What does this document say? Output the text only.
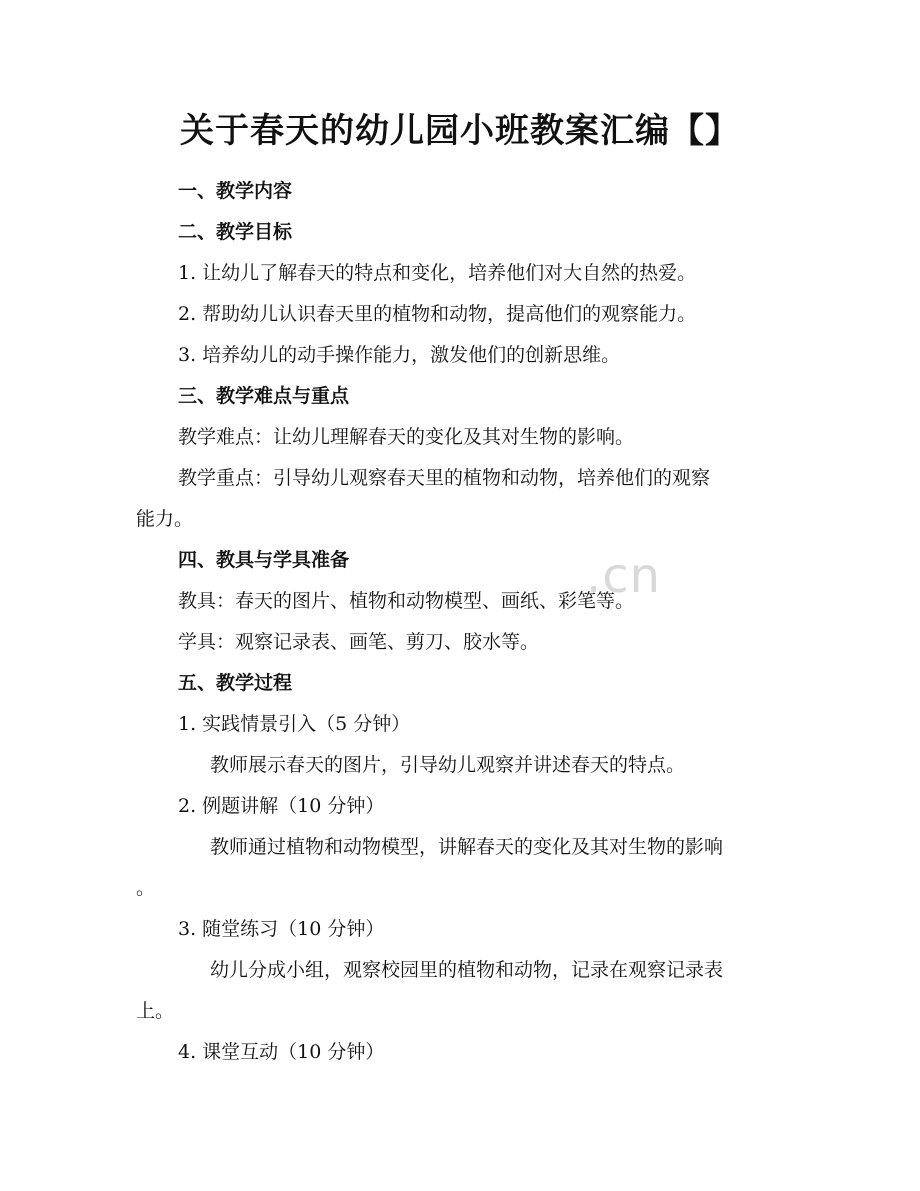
关于春天的幼儿园小班教案汇编【】
.cn
一、教学内容
二、教学目标
1. 让幼儿了解春天的特点和变化，培养他们对大自然的热爱。
2. 帮助幼儿认识春天里的植物和动物，提高他们的观察能力。
3. 培养幼儿的动手操作能力，激发他们的创新思维。
三、教学难点与重点
教学难点：让幼儿理解春天的变化及其对生物的影响。
教学重点：引导幼儿观察春天里的植物和动物，培养他们的观察
能力。
四、教具与学具准备
教具：春天的图片、植物和动物模型、画纸、彩笔等。
学具：观察记录表、画笔、剪刀、胶水等。
五、教学过程
1. 实践情景引入（5 分钟）
教师展示春天的图片，引导幼儿观察并讲述春天的特点。
2. 例题讲解（10 分钟）
教师通过植物和动物模型，讲解春天的变化及其对生物的影响
。
3. 随堂练习（10 分钟）
幼儿分成小组，观察校园里的植物和动物，记录在观察记录表
上。
4. 课堂互动（10 分钟）
